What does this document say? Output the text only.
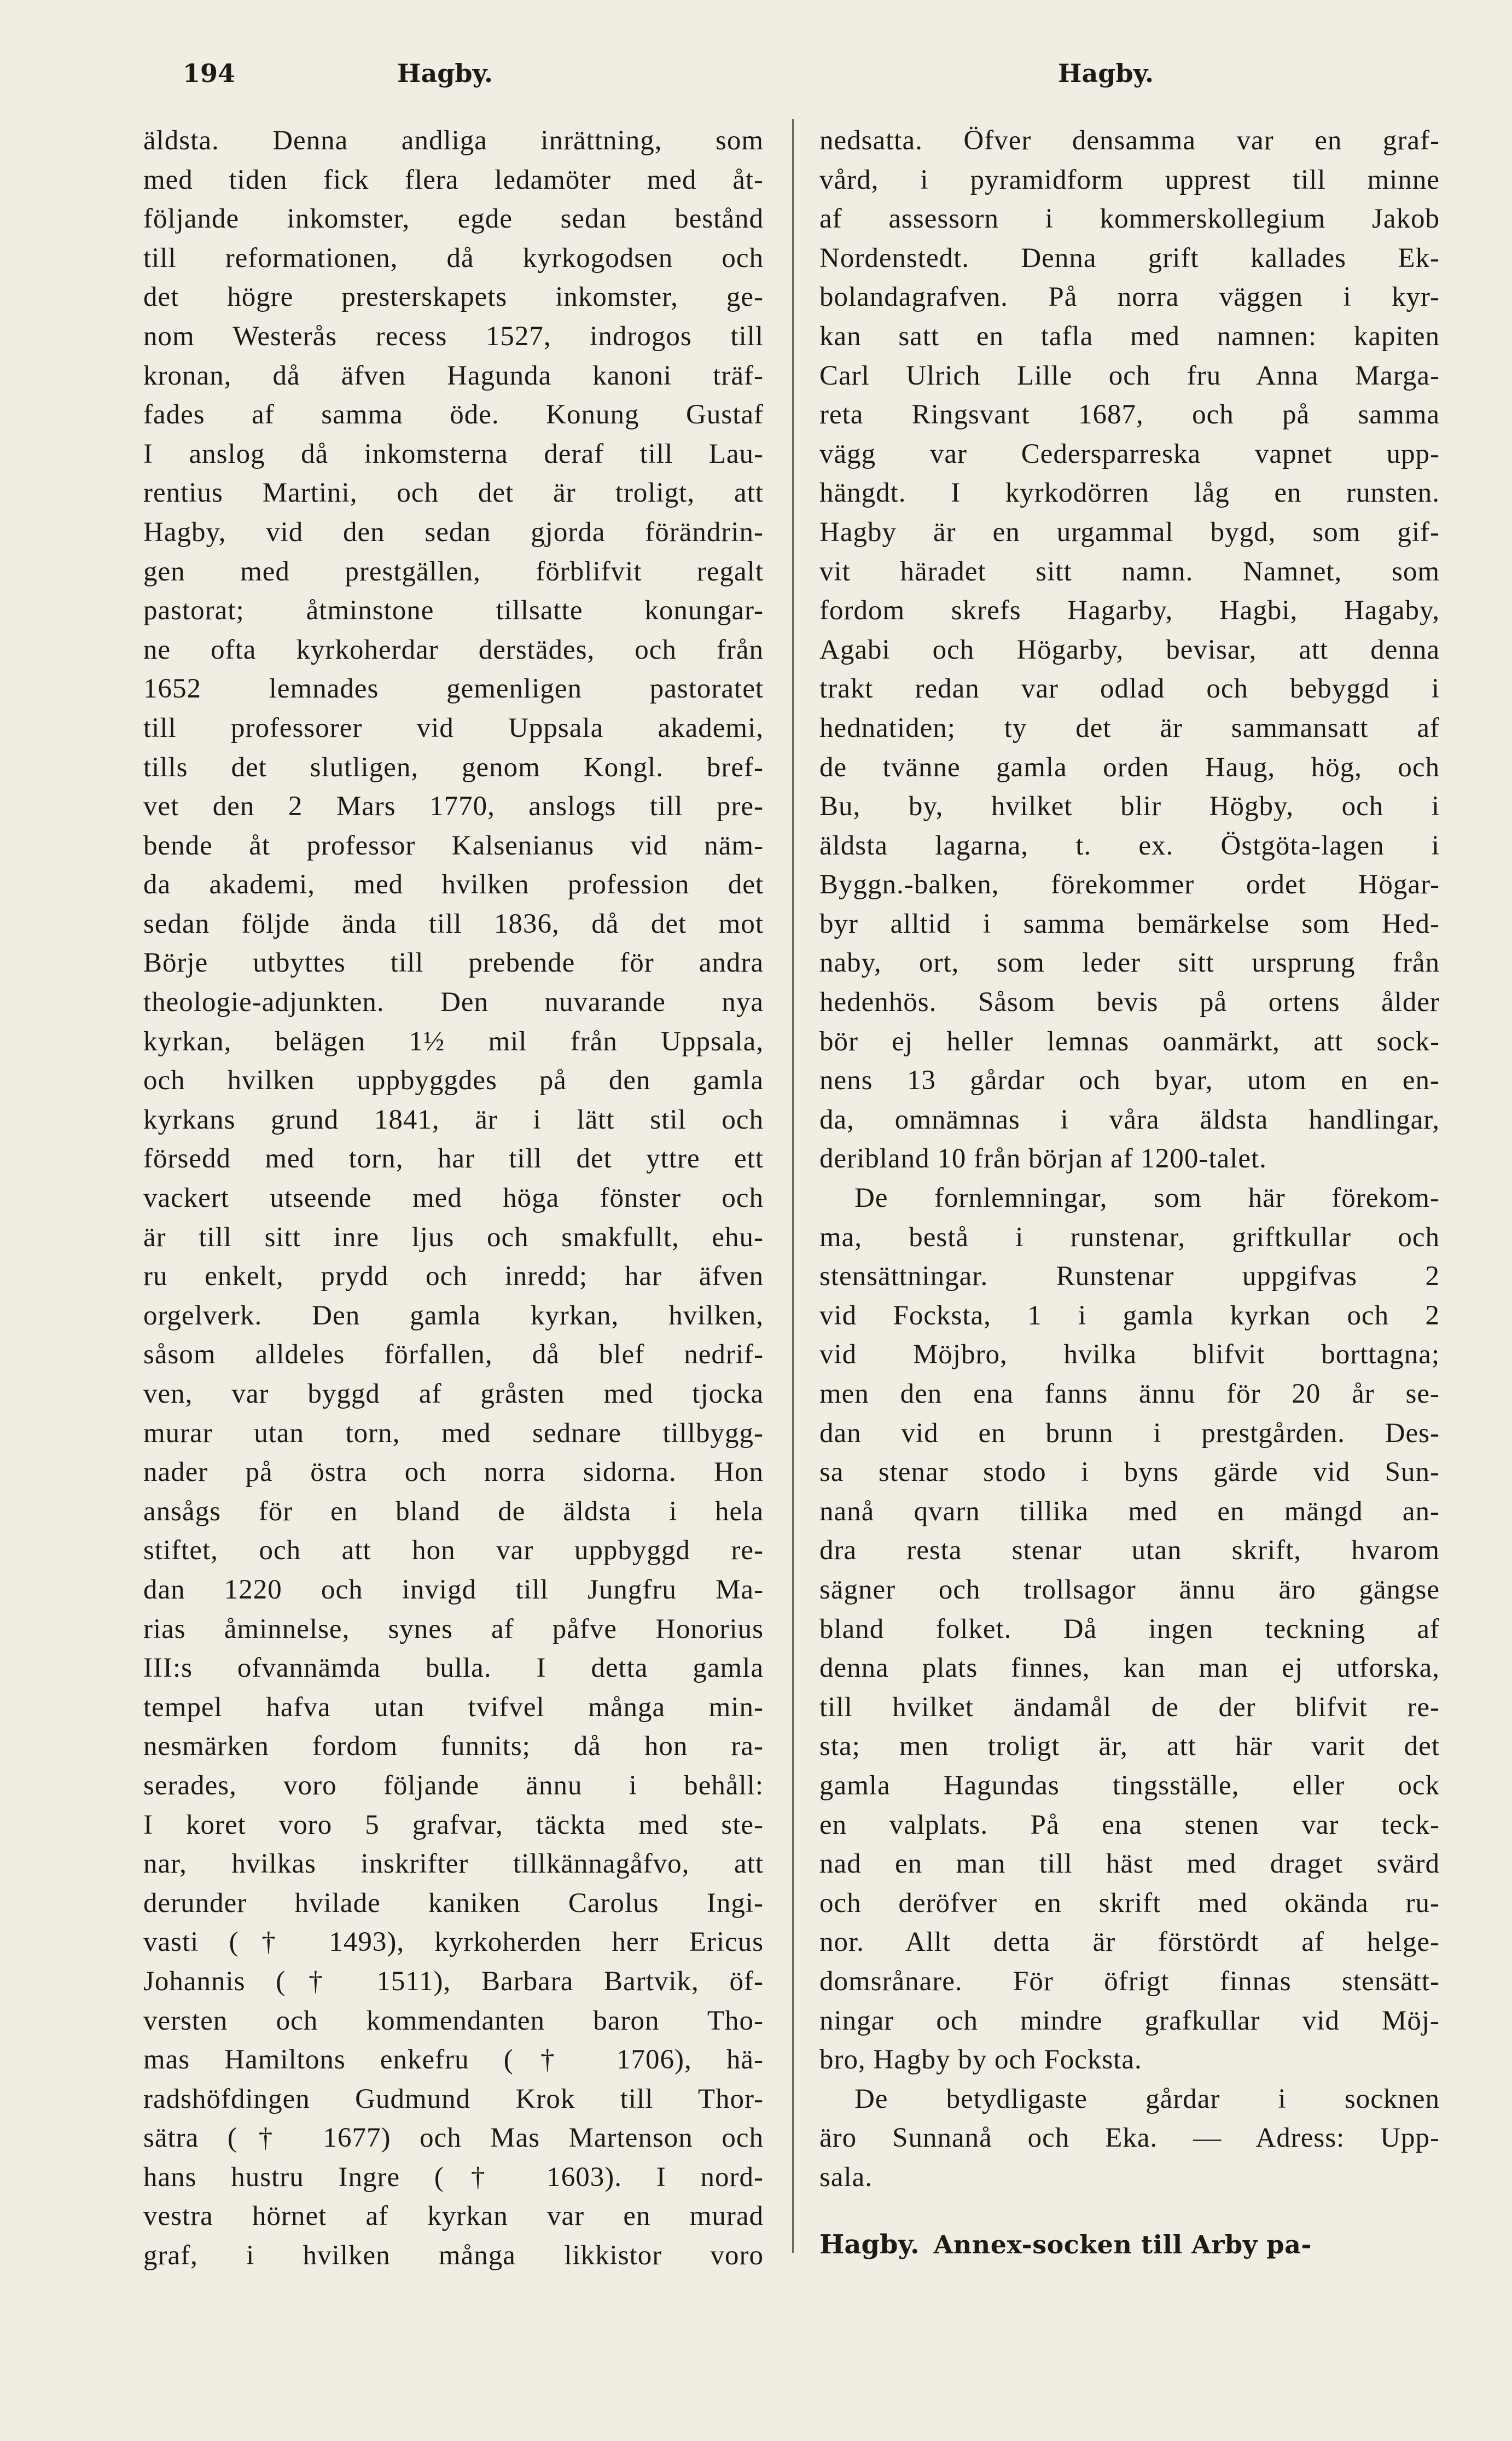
194	Hagby.	Hagby.
äldsta. Denna andliga inrättning, som
med tiden fick flera ledamöter med åt-
följande inkomster, egde sedan bestånd
till reformationen, då kyrkogodsen och
det högre presterskapets inkomster, ge-
nom Westerås recess 1527, indrogos till
kronan, då äfven Hagunda kanoni träf-
fades af samma öde. Konung Gustaf
I anslog då inkomsterna deraf till Lau-
rentius Martini, och det är troligt, att
Hagby, vid den sedan gjorda förändrin-
gen med prestgällen, förblifvit regalt
pastorat; åtminstone tillsatte konungar-
ne ofta kyrkoherdar derstädes, och från
1652 lemnades gemenligen pastoratet
till professorer vid Uppsala akademi,
tills det slutligen, genom Kongl. bref-
vet den 2 Mars 1770, anslogs till pre-
bende åt professor Kalsenianus vid näm-
da akademi, med hvilken profession det
sedan följde ända till 1836, då det mot
Börje utbyttes till prebende för andra
theologie-adjunkten. Den nuvarande nya
kyrkan, belägen 1½ mil från Uppsala,
och hvilken uppbyggdes på den gamla
kyrkans grund 1841, är i lätt stil och
försedd med torn, har till det yttre ett
vackert utseende med höga fönster och
är till sitt inre ljus och smakfullt, ehu-
ru enkelt, prydd och inredd; har äfven
orgelverk. Den gamla kyrkan, hvilken,
såsom alldeles förfallen, då blef nedrif-
ven, var byggd af gråsten med tjocka
murar utan torn, med sednare tillbygg-
nader på östra och norra sidorna. Hon
ansågs för en bland de äldsta i hela
stiftet, och att hon var uppbyggd re-
dan 1220 och invigd till Jungfru Ma-
rias åminnelse, synes af påfve Honorius
III:s ofvannämda bulla. I detta gamla
tempel hafva utan tvifvel många min-
nesmärken fordom funnits; då hon ra-
serades, voro följande ännu i behåll:
I koret voro 5 grafvar, täckta med ste-
nar, hvilkas inskrifter tillkännagåfvo, att
derunder hvilade kaniken Carolus Ingi-
vasti († 1493), kyrkoherden herr Ericus
Johannis († 1511), Barbara Bartvik, öf-
versten och kommendanten baron Tho-
mas Hamiltons enkefru († 1706), hä-
radshöfdingen Gudmund Krok till Thor-
sätra († 1677) och Mas Martenson och
hans hustru Ingre († 1603). I nord-
vestra hörnet af kyrkan var en murad
graf, i hvilken många likkistor voro
nedsatta. Öfver densamma var en graf-
vård, i pyramidform upprest till minne
af assessorn i kommerskollegium Jakob
Nordenstedt. Denna grift kallades Ek-
bolandagrafven. På norra väggen i kyr-
kan satt en tafla med namnen: kapiten
Carl Ulrich Lille och fru Anna Marga-
reta Ringsvant 1687, och på samma
vägg var Cedersparreska vapnet upp-
hängdt. I kyrkodörren låg en runsten.
Hagby är en urgammal bygd, som gif-
vit häradet sitt namn. Namnet, som
fordom skrefs Hagarby, Hagbi, Hagaby,
Agabi och Högarby, bevisar, att denna
trakt redan var odlad och bebyggd i
hednatiden; ty det är sammansatt af
de tvänne gamla orden Haug, hög, och
Bu, by, hvilket blir Högby, och i
äldsta lagarna, t. ex. Östgöta-lagen i
Byggn.-balken, förekommer ordet Högar-
byr alltid i samma bemärkelse som Hed-
naby, ort, som leder sitt ursprung från
hedenhös. Såsom bevis på ortens ålder
bör ej heller lemnas oanmärkt, att sock-
nens 13 gårdar och byar, utom en en-
da, omnämnas i våra äldsta handlingar,
deribland 10 från början af 1200-talet.
De fornlemningar, som här förekom-
ma, bestå i runstenar, griftkullar och
stensättningar. Runstenar uppgifvas 2
vid Focksta, 1 i gamla kyrkan och 2
vid Möjbro, hvilka blifvit borttagna;
men den ena fanns ännu för 20 år se-
dan vid en brunn i prestgården. Des-
sa stenar stodo i byns gärde vid Sun-
nanå qvarn tillika med en mängd an-
dra resta stenar utan skrift, hvarom
sägner och trollsagor ännu äro gängse
bland folket. Då ingen teckning af
denna plats finnes, kan man ej utforska,
till hvilket ändamål de der blifvit re-
sta; men troligt är, att här varit det
gamla Hagundas tingsställe, eller ock
en valplats. På ena stenen var teck-
nad en man till häst med draget svärd
och deröfver en skrift med okända ru-
nor. Allt detta är förstördt af helge-
domsrånare. För öfrigt finnas stensätt-
ningar och mindre grafkullar vid Möj-
bro, Hagby by och Focksta.
De betydligaste gårdar i socknen
äro Sunnanå och Eka. — Adress: Upp-
sala.
Hagby. Annex-socken till Arby pa-
